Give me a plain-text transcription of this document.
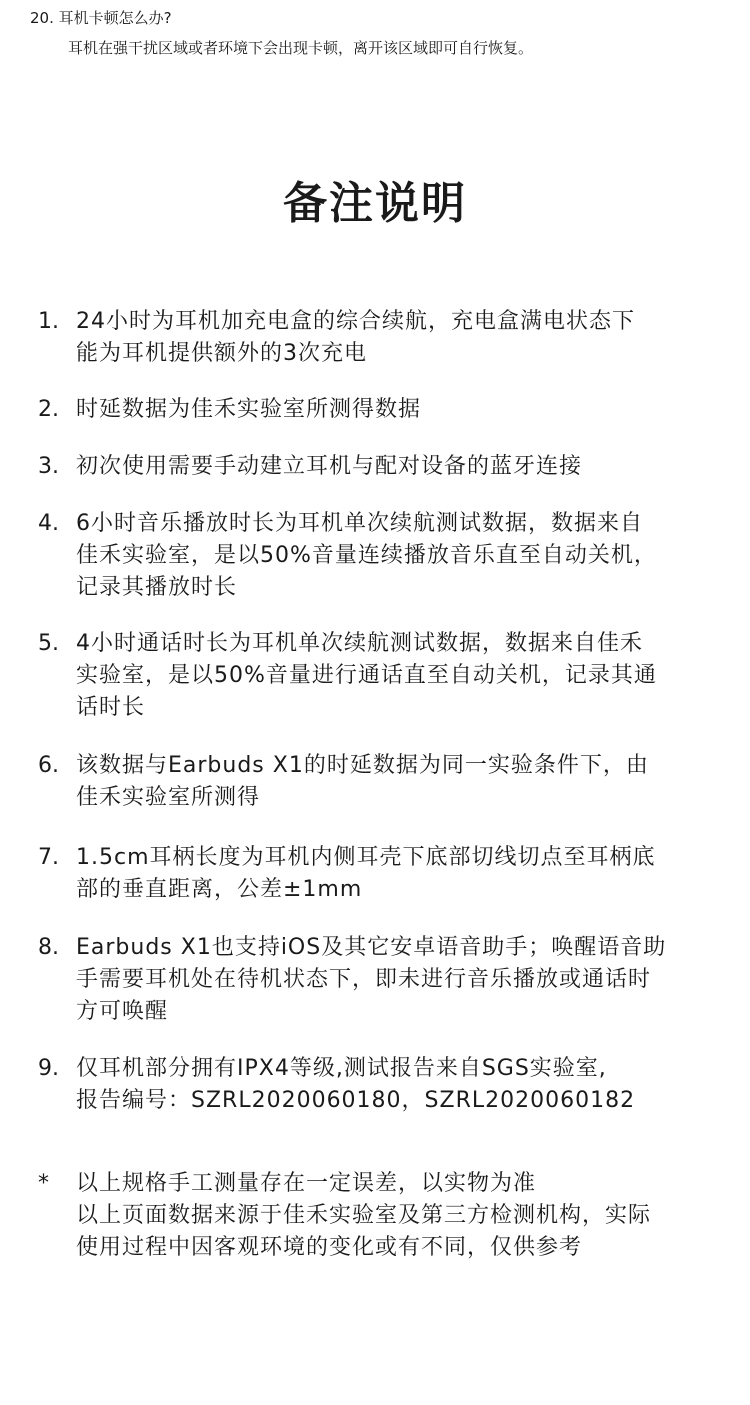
20. 耳机卡顿怎么办?
耳机在强干扰区域或者环境下会出现卡顿，离开该区域即可自行恢复。
备注说明
1. 24小时为耳机加充电盒的综合续航，充电盒满电状态下
能为耳机提供额外的3次充电
2. 时延数据为佳禾实验室所测得数据
3. 初次使用需要手动建立耳机与配对设备的蓝牙连接
4. 6小时音乐播放时长为耳机单次续航测试数据，数据来自
佳禾实验室，是以50%音量连续播放音乐直至自动关机，
记录其播放时长
5. 4小时通话时长为耳机单次续航测试数据，数据来自佳禾
实验室，是以50%音量进行通话直至自动关机，记录其通
话时长
6. 该数据与Earbuds X1的时延数据为同一实验条件下，由
佳禾实验室所测得
7. 1.5cm耳柄长度为耳机内侧耳壳下底部切线切点至耳柄底
部的垂直距离，公差±1mm
8. Earbuds X1也支持iOS及其它安卓语音助手；唤醒语音助
手需要耳机处在待机状态下，即未进行音乐播放或通话时
方可唤醒
9. 仅耳机部分拥有IPX4等级,测试报告来自SGS实验室,
报告编号：SZRL2020060180，SZRL2020060182
* 以上规格手工测量存在一定误差，以实物为准
以上页面数据来源于佳禾实验室及第三方检测机构，实际
使用过程中因客观环境的变化或有不同，仅供参考
